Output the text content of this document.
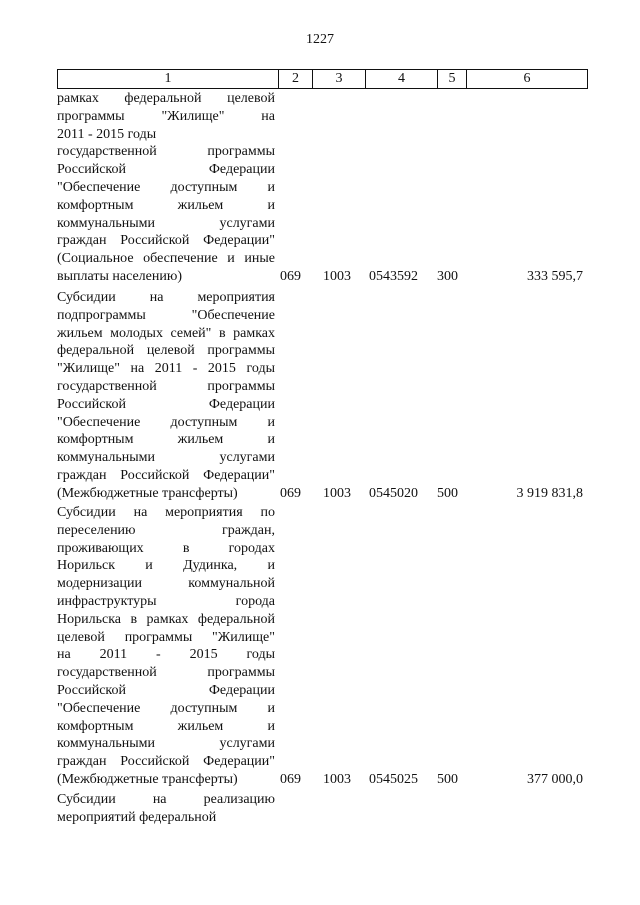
1227
1	2	3	4	5	6
рамках федеральной целевой
программы "Жилище" на
2011 - 2015 годы
государственной программы
Российской Федерации
"Обеспечение доступным и
комфортным жильем и
коммунальными услугами
граждан Российской Федерации"
(Социальное обеспечение и иные
выплаты населению)	069 1003 0543592 300	333 595,7
Субсидии на мероприятия
подпрограммы "Обеспечение
жильем молодых семей" в рамках
федеральной целевой программы
"Жилище" на 2011 - 2015 годы
государственной программы
Российской Федерации
"Обеспечение доступным и
комфортным жильем и
коммунальными услугами
граждан Российской Федерации"
(Межбюджетные трансферты)	069 1003 0545020 500	3 919 831,8
Субсидии на мероприятия по
переселению граждан,
проживающих в городах
Норильск и Дудинка, и
модернизации коммунальной
инфраструктуры города
Норильска в рамках федеральной
целевой программы "Жилище"
на 2011 - 2015 годы
государственной программы
Российской Федерации
"Обеспечение доступным и
комфортным жильем и
коммунальными услугами
граждан Российской Федерации"
(Межбюджетные трансферты)	069 1003 0545025 500	377 000,0
Субсидии на реализацию
мероприятий федеральной
